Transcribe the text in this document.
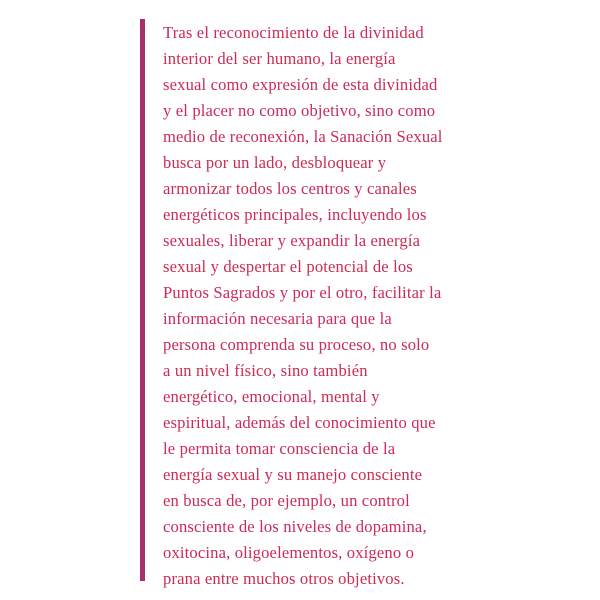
Tras el reconocimiento de la divinidad
interior del ser humano, la energía
sexual como expresión de esta divinidad
y el placer no como objetivo, sino como
medio de reconexión, la Sanación Sexual
busca por un lado, desbloquear y
armonizar todos los centros y canales
energéticos principales, incluyendo los
sexuales, liberar y expandir la energía
sexual y despertar el potencial de los
Puntos Sagrados y por el otro, facilitar la
información necesaria para que la
persona comprenda su proceso, no solo
a un nivel físico, sino también
energético, emocional, mental y
espiritual, además del conocimiento que
le permita tomar consciencia de la
energía sexual y su manejo consciente
en busca de, por ejemplo, un control
consciente de los niveles de dopamina,
oxitocina, oligoelementos, oxígeno o
prana entre muchos otros objetivos.
